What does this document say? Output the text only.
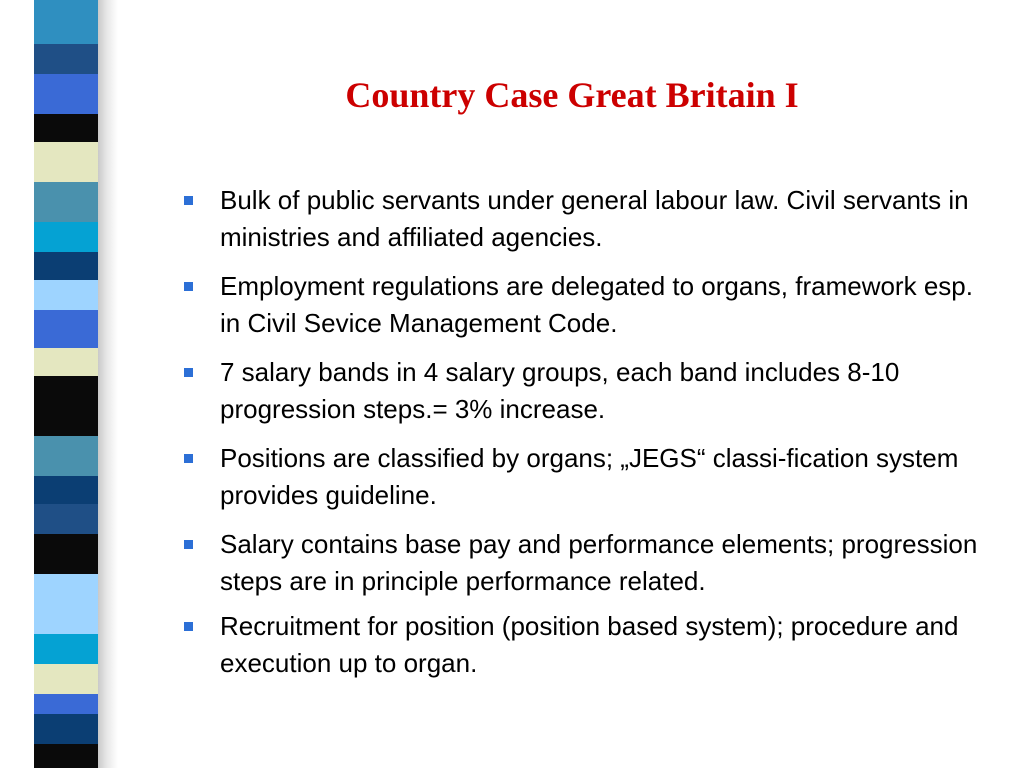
Country Case Great Britain I
Bulk of public servants under general labour law. Civil servants in ministries and affiliated agencies.
Employment regulations are delegated to organs, framework esp. in Civil Sevice Management Code.
7 salary bands in 4 salary groups, each band includes 8-10 progression steps.= 3% increase.
Positions are classified by organs; „JEGS“ classi-fication system provides guideline.
Salary contains base pay and performance elements; progression steps are in principle performance related.
Recruitment for position (position based system); procedure and execution up to organ.
